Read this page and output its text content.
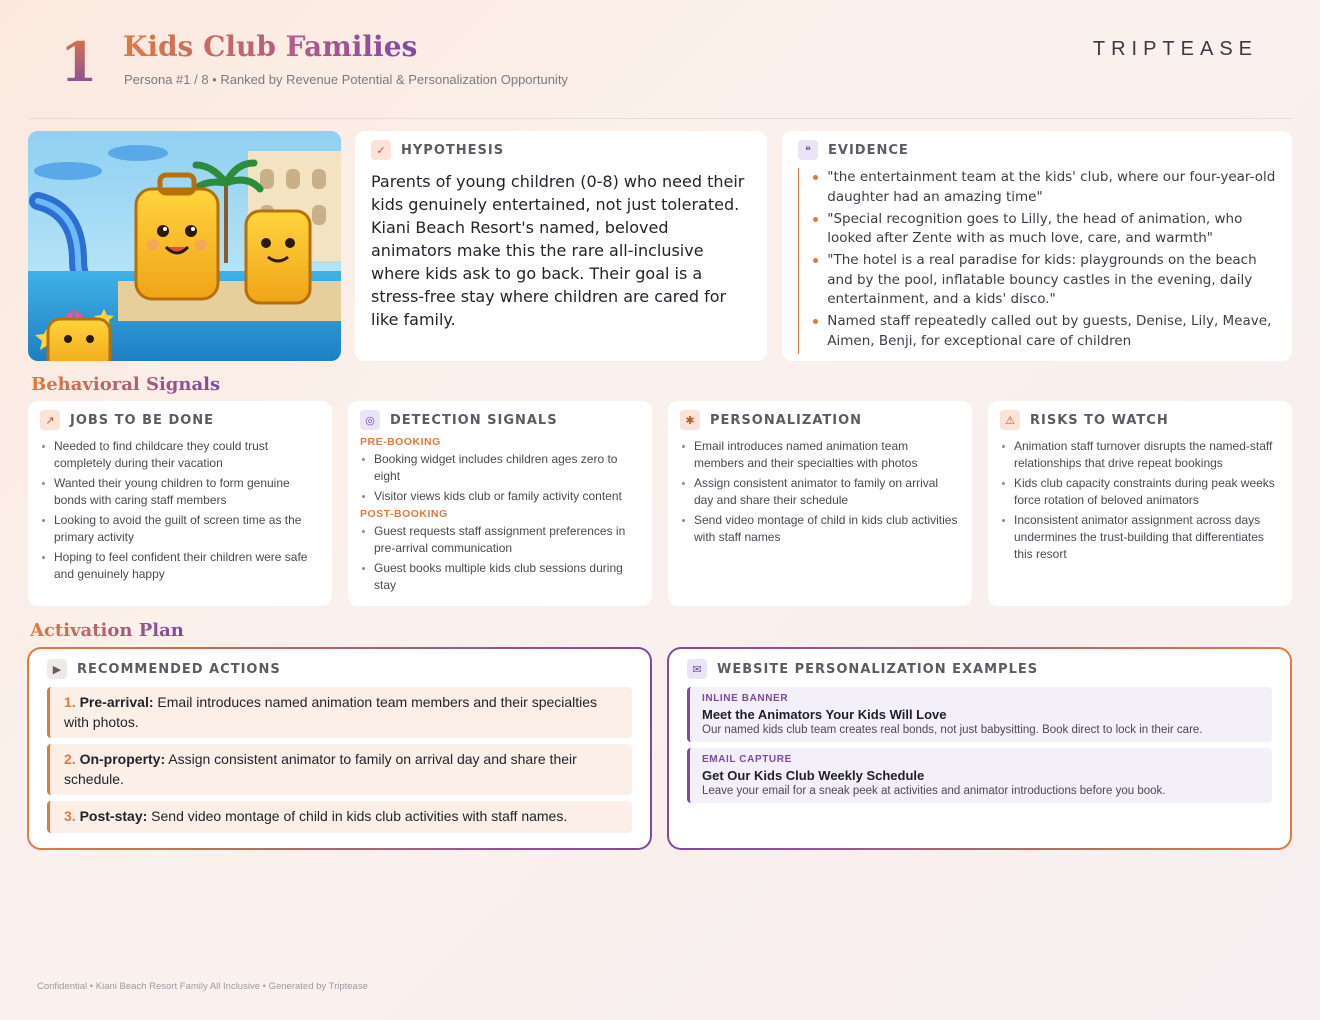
1 Kids Club Families
Persona #1 / 8 • Ranked by Revenue Potential & Personalization Opportunity
TRIPTEASE
✓	HYPOTHESIS
Parents of young children (0-8) who need their kids genuinely entertained, not just tolerated. Kiani Beach Resort's named, beloved animators make this the rare all-inclusive where kids ask to go back. Their goal is a stress-free stay where children are cared for like family.
❝	EVIDENCE
"the entertainment team at the kids' club, where our four-year-old daughter had an amazing time"
"Special recognition goes to Lilly, the head of animation, who looked after Zente with as much love, care, and warmth"
"The hotel is a real paradise for kids: playgrounds on the beach and by the pool, inflatable bouncy castles in the evening, daily entertainment, and a kids' disco."
Named staff repeatedly called out by guests, Denise, Lily, Meave, Aimen, Benji, for exceptional care of children
Behavioral Signals
↗	JOBS TO BE DONE
Needed to find childcare they could trust completely during their vacation
Wanted their young children to form genuine bonds with caring staff members
Looking to avoid the guilt of screen time as the primary activity
Hoping to feel confident their children were safe and genuinely happy
◎	DETECTION SIGNALS
PRE-BOOKING
Booking widget includes children ages zero to eight
Visitor views kids club or family activity content
POST-BOOKING
Guest requests staff assignment preferences in pre-arrival communication
Guest books multiple kids club sessions during stay
✱	PERSONALIZATION
Email introduces named animation team members and their specialties with photos
Assign consistent animator to family on arrival day and share their schedule
Send video montage of child in kids club activities with staff names
⚠	RISKS TO WATCH
Animation staff turnover disrupts the named-staff relationships that drive repeat bookings
Kids club capacity constraints during peak weeks force rotation of beloved animators
Inconsistent animator assignment across days undermines the trust-building that differentiates this resort
Activation Plan
▶	RECOMMENDED ACTIONS
1. Pre-arrival: Email introduces named animation team members and their specialties with photos.
2. On-property: Assign consistent animator to family on arrival day and share their schedule.
3. Post-stay: Send video montage of child in kids club activities with staff names.
✉	WEBSITE PERSONALIZATION EXAMPLES
INLINE BANNER
Meet the Animators Your Kids Will Love
Our named kids club team creates real bonds, not just babysitting. Book direct to lock in their care.
EMAIL CAPTURE
Get Our Kids Club Weekly Schedule
Leave your email for a sneak peek at activities and animator introductions before you book.
Confidential • Kiani Beach Resort Family All Inclusive • Generated by Triptease
